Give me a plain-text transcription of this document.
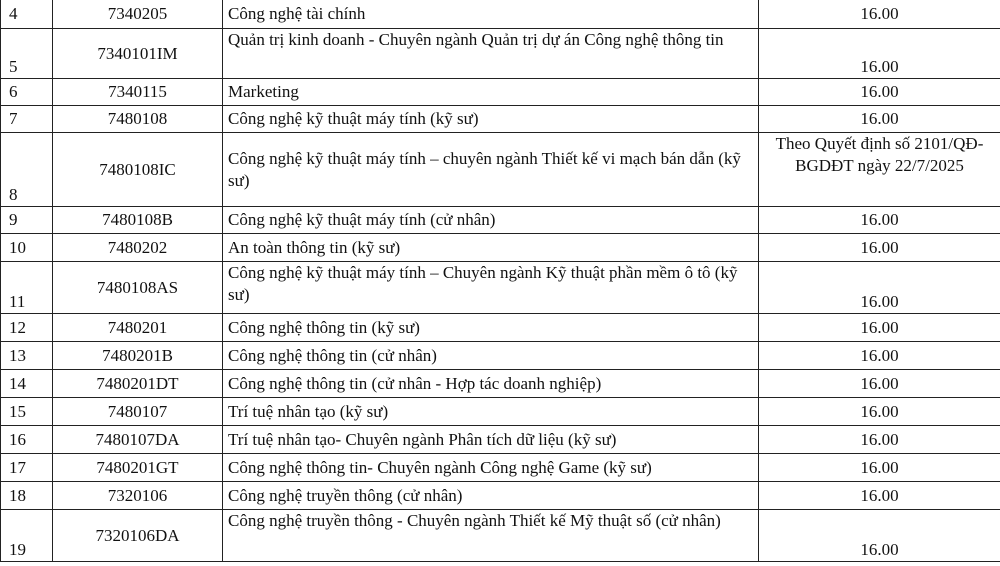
4	7340205	Công nghệ tài chính	16.00
5	7340101IM	Quản trị kinh doanh - Chuyên ngành Quản trị dự án Công nghệ thông tin	16.00
6	7340115	Marketing	16.00
7	7480108	Công nghệ kỹ thuật máy tính (kỹ sư)	16.00
8	7480108IC	Công nghệ kỹ thuật máy tính – chuyên ngành Thiết kế vi mạch bán dẫn (kỹ sư)	Theo Quyết định số 2101/QĐ-BGDĐT ngày 22/7/2025
9	7480108B	Công nghệ kỹ thuật máy tính (cử nhân)	16.00
10	7480202	An toàn thông tin (kỹ sư)	16.00
11	7480108AS	Công nghệ kỹ thuật máy tính – Chuyên ngành Kỹ thuật phần mềm ô tô (kỹ sư)	16.00
12	7480201	Công nghệ thông tin (kỹ sư)	16.00
13	7480201B	Công nghệ thông tin (cử nhân)	16.00
14	7480201DT	Công nghệ thông tin (cử nhân - Hợp tác doanh nghiệp)	16.00
15	7480107	Trí tuệ nhân tạo (kỹ sư)	16.00
16	7480107DA	Trí tuệ nhân tạo- Chuyên ngành Phân tích dữ liệu (kỹ sư)	16.00
17	7480201GT	Công nghệ thông tin- Chuyên ngành Công nghệ Game (kỹ sư)	16.00
18	7320106	Công nghệ truyền thông (cử nhân)	16.00
19	7320106DA	Công nghệ truyền thông - Chuyên ngành Thiết kế Mỹ thuật số (cử nhân)	16.00
